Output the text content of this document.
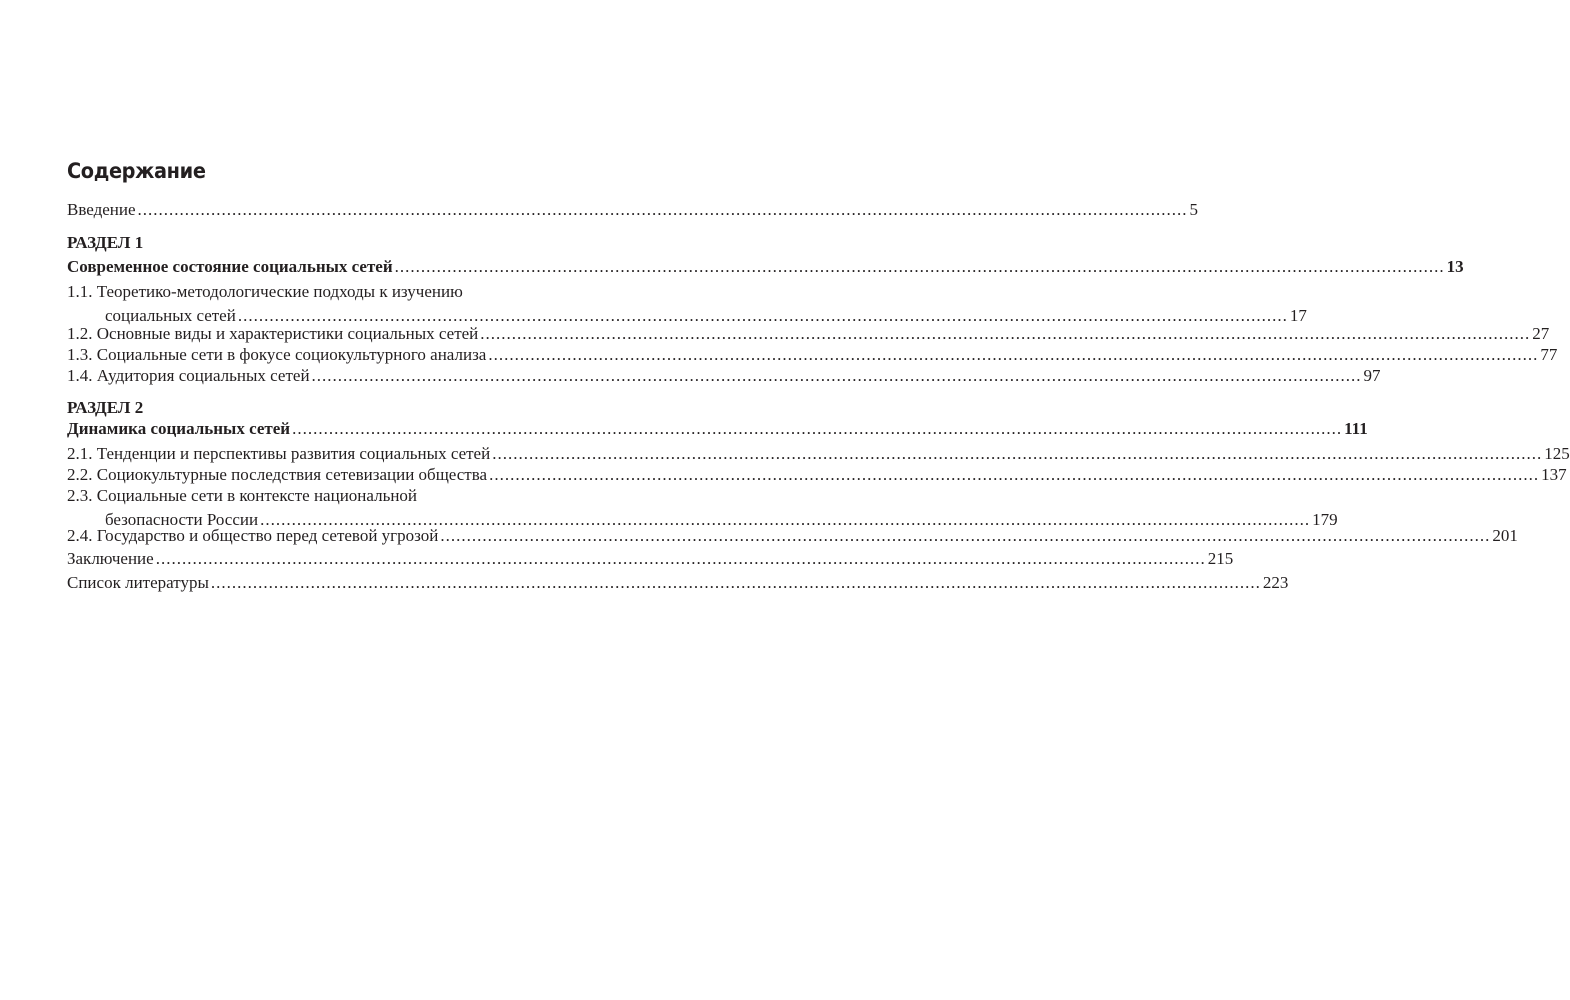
Содержание
Введение ........................................................................................................................................................................................................ 5
РАЗДЕЛ 1
Современное состояние социальных сетей ........................................................................................................................................................................................................ 13
1.1. Теоретико-методологические подходы к изучению
социальных сетей ........................................................................................................................................................................................................ 17
1.2. Основные виды и характеристики социальных сетей ........................................................................................................................................................................................................ 27
1.3. Социальные сети в фокусе социокультурного анализа ........................................................................................................................................................................................................ 77
1.4. Аудитория социальных сетей ........................................................................................................................................................................................................ 97
РАЗДЕЛ 2
Динамика социальных сетей ........................................................................................................................................................................................................ 111
2.1. Тенденции и перспективы развития социальных сетей ........................................................................................................................................................................................................ 125
2.2. Социокультурные последствия сетевизации общества ........................................................................................................................................................................................................ 137
2.3. Социальные сети в контексте национальной
безопасности России ........................................................................................................................................................................................................ 179
2.4. Государство и общество перед сетевой угрозой ........................................................................................................................................................................................................ 201
Заключение ........................................................................................................................................................................................................ 215
Список литературы ........................................................................................................................................................................................................ 223
